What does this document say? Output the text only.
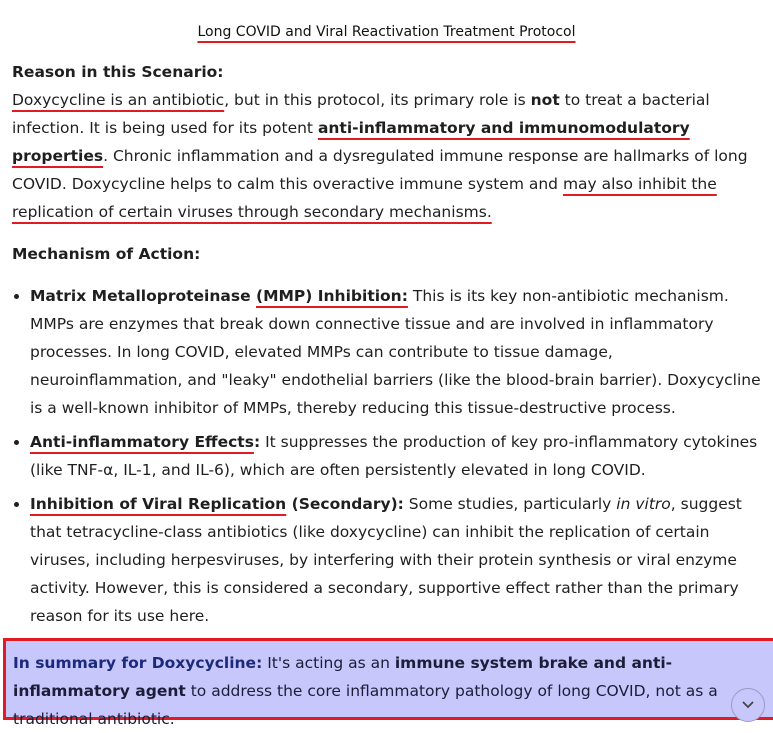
Long COVID and Viral Reactivation Treatment Protocol

Reason in this Scenario:

Doxycycline is an antibiotic, but in this protocol, its primary role is not to treat a bacterial infection. It is being used for its potent anti-inflammatory and immunomodulatory properties. Chronic inflammation and a dysregulated immune response are hallmarks of long COVID. Doxycycline helps to calm this overactive immune system and may also inhibit the replication of certain viruses through secondary mechanisms.

Mechanism of Action:

• Matrix Metalloproteinase (MMP) Inhibition: This is its key non-antibiotic mechanism. MMPs are enzymes that break down connective tissue and are involved in inflammatory processes. In long COVID, elevated MMPs can contribute to tissue damage, neuroinflammation, and "leaky" endothelial barriers (like the blood-brain barrier). Doxycycline is a well-known inhibitor of MMPs, thereby reducing this tissue-destructive process.
• Anti-inflammatory Effects: It suppresses the production of key pro-inflammatory cytokines (like TNF-α, IL-1, and IL-6), which are often persistently elevated in long COVID.
• Inhibition of Viral Replication (Secondary): Some studies, particularly in vitro, suggest that tetracycline-class antibiotics (like doxycycline) can inhibit the replication of certain viruses, including herpesviruses, by interfering with their protein synthesis or viral enzyme activity. However, this is considered a secondary, supportive effect rather than the primary reason for its use here.
In summary for Doxycycline: It's acting as an immune system brake and anti-inflammatory agent to address the core inflammatory pathology of long COVID, not as a traditional antibiotic.
